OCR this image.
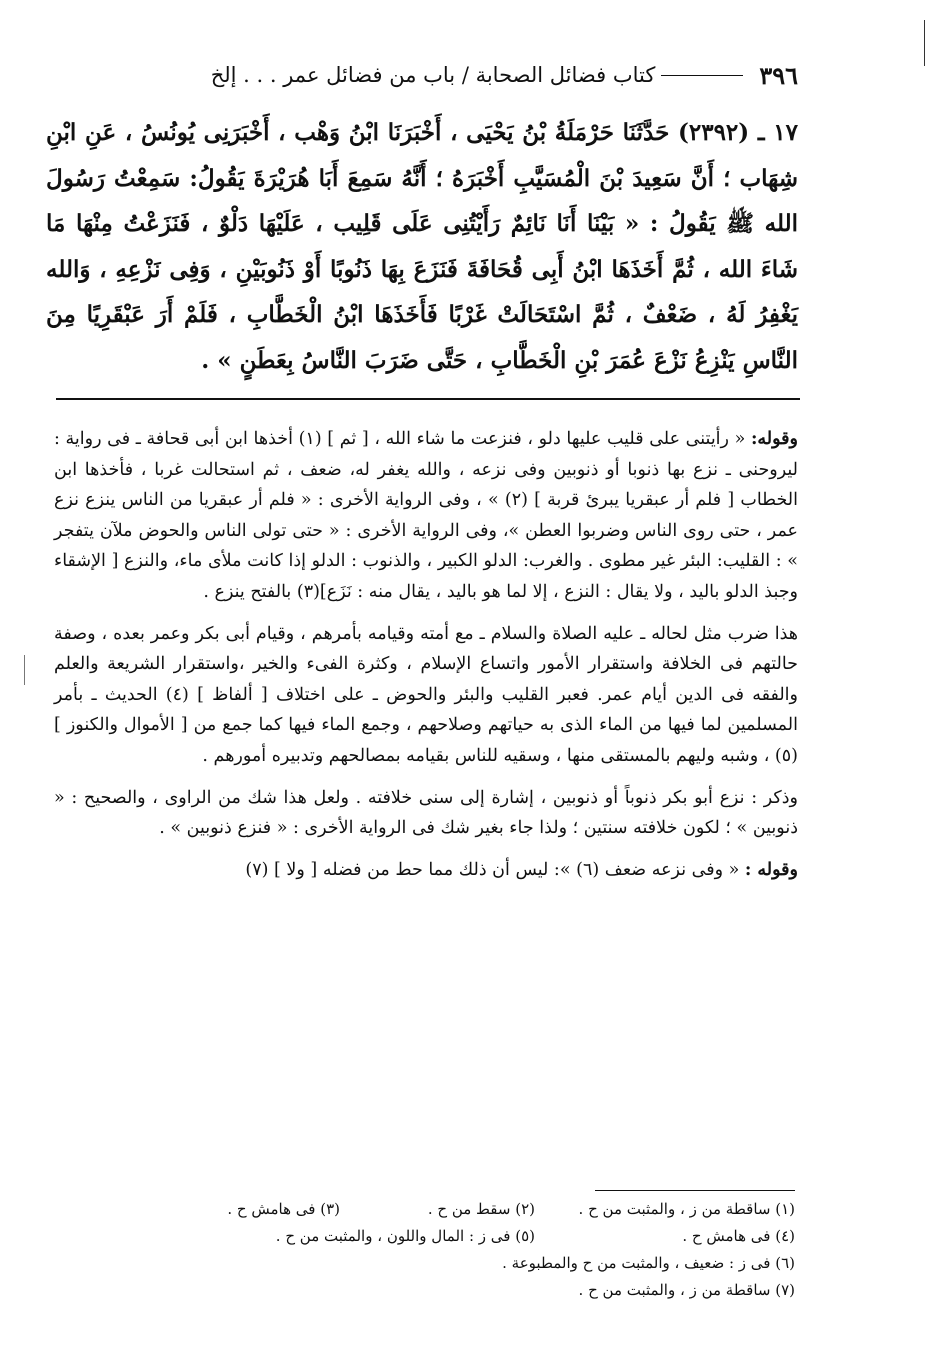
٣٩٦
كتاب فضائل الصحابة / باب من فضائل عمر . . . إلخ

١٧ ـ (٢٣٩٢) حَدَّثَنَا حَرْمَلَةُ بْنُ يَحْيَى ، أَخْبَرَنَا ابْنُ وَهْب ، أَخْبَرَنِى يُونُسُ ، عَنِ ابْنِ شِهَاب ؛ أَنَّ سَعِيدَ بْنَ الْمُسَيَّبِ أَخْبَرَهُ ؛ أَنَّهُ سَمِعَ أَبَا هُرَيْرَةَ يَقُولُ: سَمِعْتُ رَسُولَ الله ﷺ يَقُولُ : « بَيْنَا أَنَا نَائِمٌ رَأَيْتُنِى عَلَى قَلِيب ، عَلَيْهَا دَلْوٌ ، فَنَزَعْتُ مِنْهَا مَا شَاءَ الله ، ثُمَّ أَخَذَهَا ابْنُ أَبِى قُحَافَةَ فَنَزَعَ بِهَا ذَنُوبًا أَوْ ذَنُوبَيْنِ ، وَفِى نَزْعِهِ ، وَالله يَغْفِرُ لَهُ ، ضَعْفٌ ، ثُمَّ اسْتَحَالَتْ غَرْبًا فَأَخَذَهَا ابْنُ الْخَطَّابِ ، فَلَمْ أَرَ عَبْقَرِيًا مِنَ النَّاسِ يَنْزِعُ نَزْعَ عُمَرَ بْنِ الْخَطَّابِ ، حَتَّى ضَرَبَ النَّاسُ بِعَطَنٍ » .

وقوله: « رأيتنى على قليب عليها دلو ، فنزعت ما شاء الله ، [ ثم ] (١) أخذها ابن أبى قحافة ـ فى رواية : ليروحنى ـ نزع بها ذنوبا أو ذنوبين وفى نزعه ، والله يغفر له، ضعف ، ثم استحالت غربا ، فأخذها ابن الخطاب [ فلم أر عبقريا يبرئ قربة ] (٢) » ، وفى الرواية الأخرى : « فلم أر عبقريا من الناس ينزع نزع عمر ، حتى روى الناس وضربوا العطن »، وفى الرواية الأخرى : « حتى تولى الناس والحوض ملآن يتفجر » : القليب: البئر غير مطوى . والغرب: الدلو الكبير ، والذنوب : الدلو إذا كانت ملأى ماء، والنزع [ الإشقاء وجبذ الدلو باليد ، ولا يقال : النزع ، إلا لما هو باليد ، يقال منه : نَزَع](٣) بالفتح ينزع .

هذا ضرب مثل لحاله ـ عليه الصلاة والسلام ـ مع أمته وقيامه بأمرهم ، وقيام أبى بكر وعمر بعده ، وصفة حالتهم فى الخلافة واستقرار الأمور واتساع الإسلام ، وكثرة الفىء والخير ،واستقرار الشريعة والعلم والفقه فى الدين أيام عمر. فعبر القليب والبئر والحوض ـ على اختلاف [ ألفاظ ] (٤) الحديث ـ بأمر المسلمين لما فيها من الماء الذى به حياتهم وصلاحهم ، وجمع الماء فيها كما جمع من [ الأموال والكنوز ] (٥) ، وشبه وليهم بالمستقى منها ، وسقيه للناس بقيامه بمصالحهم وتدبيره أمورهم .

وذكر : نزع أبو بكر ذنوباً أو ذنوبين ، إشارة إلى سنى خلافته . ولعل هذا شك من الراوى ، والصحيح : « ذنوبين » ؛ لكون خلافته سنتين ؛ ولذا جاء بغير شك فى الرواية الأخرى : « فنزع ذنوبين » .

وقوله : « وفى نزعه ضعف (٦) »: ليس أن ذلك مما حط من فضله [ ولا ] (٧)

(١) ساقطة من ز ، والمثبت من ح .
(٢) سقط من ح .
(٣) فى هامش ح .
(٤) فى هامش ح .
(٥) فى ز : المال واللون ، والمثبت من ح .
(٦) فى ز : ضعيف ، والمثبت من ح والمطبوعة .
(٧) ساقطة من ز ، والمثبت من ح .
